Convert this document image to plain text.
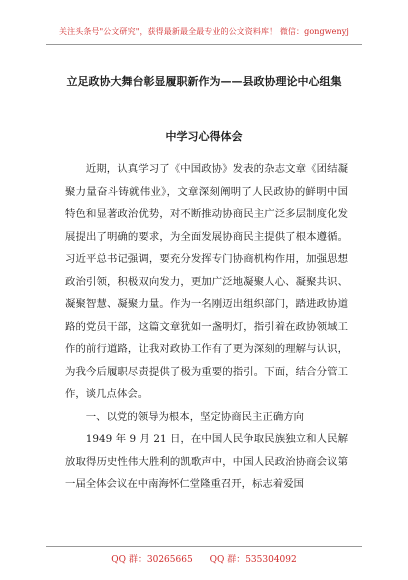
关注头条号"公文研究"，获得最新最全最专业的公文资料库！ 微信：gongwenyj
立足政协大舞台彰显履职新作为——县政协理论中心组集
中学习心得体会

近期，认真学习了《中国政协》发表的杂志文章《团结凝聚力量奋斗铸就伟业》，文章深刻阐明了人民政协的鲜明中国特色和显著政治优势，对不断推动协商民主广泛多层制度化发展提出了明确的要求，为全面发展协商民主提供了根本遵循。习近平总书记强调，要充分发挥专门协商机构作用，加强思想政治引领，积极双向发力，更加广泛地凝聚人心、凝聚共识、凝聚智慧、凝聚力量。作为一名刚迈出组织部门，踏进政协道路的党员干部，这篇文章犹如一盏明灯，指引着在政协领域工作的前行道路，让我对政协工作有了更为深刻的理解与认识，为我今后履职尽责提供了极为重要的指引。下面，结合分管工作，谈几点体会。

一、以党的领导为根本，坚定协商民主正确方向

1949 年 9 月 21 日，在中国人民争取民族独立和人民解放取得历史性伟大胜利的凯歌声中，中国人民政治协商会议第一届全体会议在中南海怀仁堂隆重召开，标志着爱国

QQ 群：30265665 QQ 群：535304092
